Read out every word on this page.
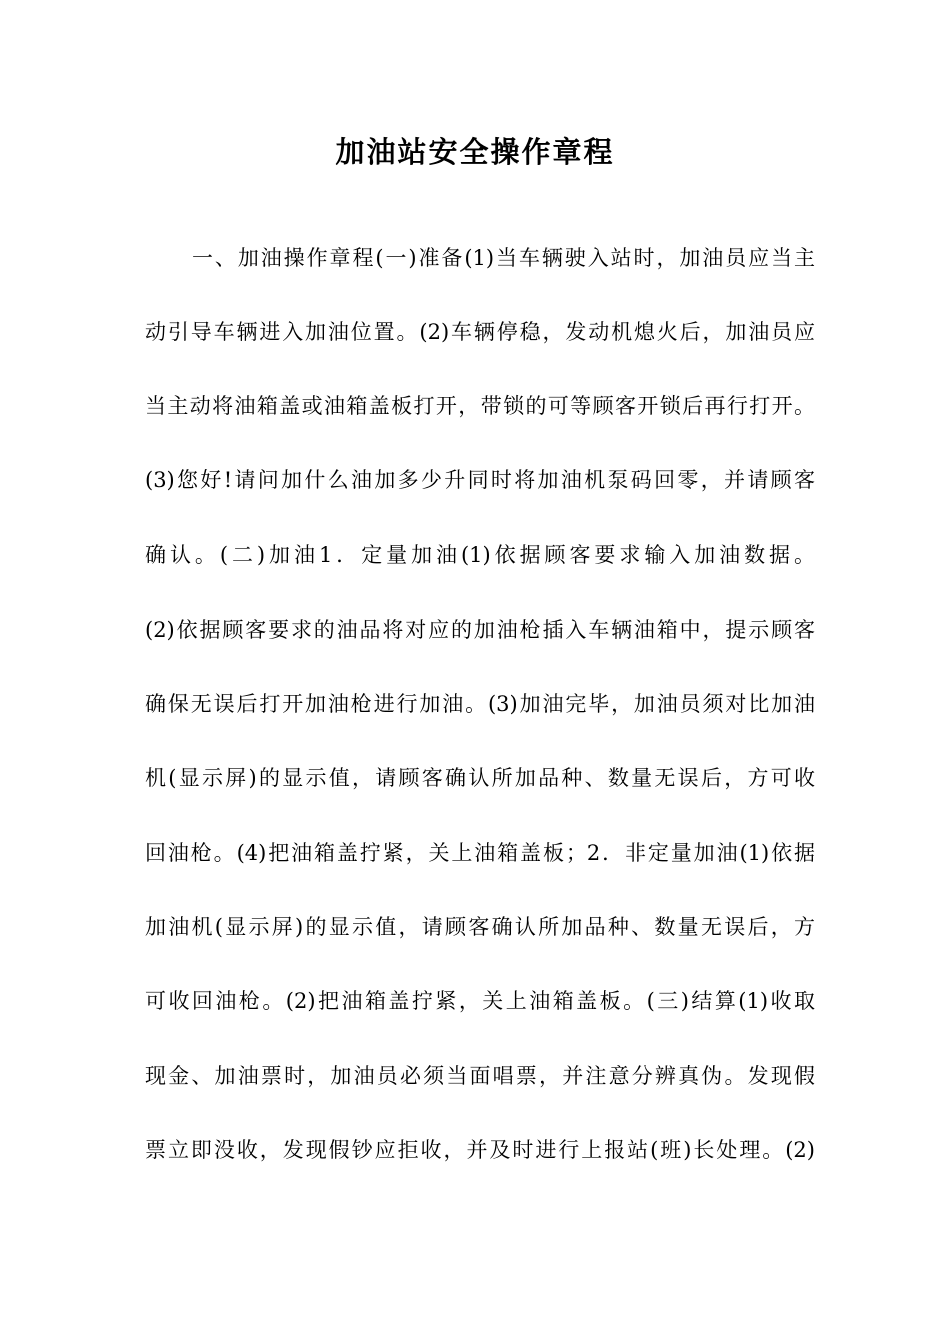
加油站安全操作章程
一、加油操作章程(一)准备(1)当车辆驶入站时，加油员应当主
动引导车辆进入加油位置。(2)车辆停稳，发动机熄火后，加油员应
当主动将油箱盖或油箱盖板打开，带锁的可等顾客开锁后再行打开。
(3)您好!请问加什么油加多少升同时将加油机泵码回零，并请顾客
确认。(二)加油1．定量加油(1)依据顾客要求输入加油数据。
(2)依据顾客要求的油品将对应的加油枪插入车辆油箱中，提示顾客
确保无误后打开加油枪进行加油。(3)加油完毕，加油员须对比加油
机(显示屏)的显示值，请顾客确认所加品种、数量无误后，方可收
回油枪。(4)把油箱盖拧紧，关上油箱盖板；2．非定量加油(1)依据
加油机(显示屏)的显示值，请顾客确认所加品种、数量无误后，方
可收回油枪。(2)把油箱盖拧紧，关上油箱盖板。(三)结算(1)收取
现金、加油票时，加油员必须当面唱票，并注意分辨真伪。发现假
票立即没收，发现假钞应拒收，并及时进行上报站(班)长处理。(2)
